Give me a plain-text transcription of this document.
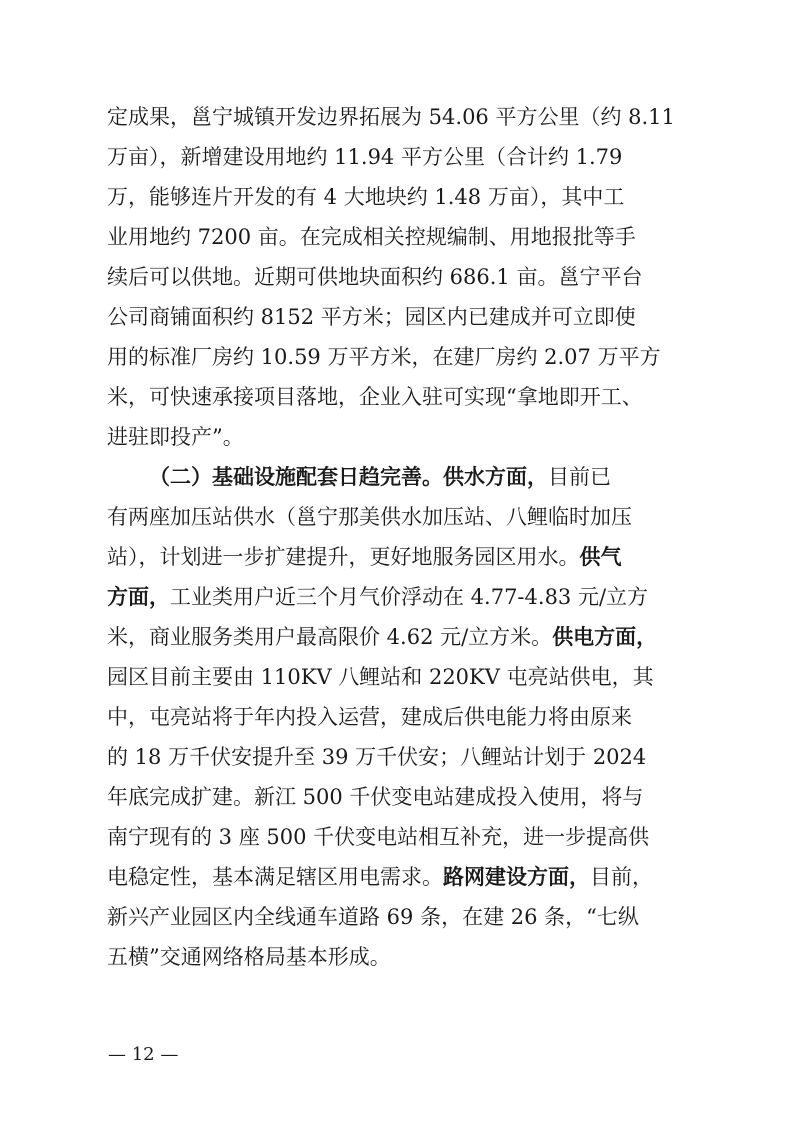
定成果，邕宁城镇开发边界拓展为 54.06 平方公里（约 8.11
万亩），新增建设用地约 11.94 平方公里（合计约 1.79
万，能够连片开发的有 4 大地块约 1.48 万亩），其中工
业用地约 7200 亩。在完成相关控规编制、用地报批等手
续后可以供地。近期可供地块面积约 686.1 亩。邕宁平台
公司商铺面积约 8152 平方米；园区内已建成并可立即使
用的标准厂房约 10.59 万平方米，在建厂房约 2.07 万平方
米，可快速承接项目落地，企业入驻可实现“拿地即开工、
进驻即投产”。
（二）基础设施配套日趋完善。供水方面，目前已
有两座加压站供水（邕宁那美供水加压站、八鲤临时加压
站），计划进一步扩建提升，更好地服务园区用水。供气
方面，工业类用户近三个月气价浮动在 4.77-4.83 元/立方
米，商业服务类用户最高限价 4.62 元/立方米。供电方面，
园区目前主要由 110KV 八鲤站和 220KV 屯亮站供电，其
中，屯亮站将于年内投入运营，建成后供电能力将由原来
的 18 万千伏安提升至 39 万千伏安；八鲤站计划于 2024
年底完成扩建。新江 500 千伏变电站建成投入使用，将与
南宁现有的 3 座 500 千伏变电站相互补充，进一步提高供
电稳定性，基本满足辖区用电需求。路网建设方面，目前，
新兴产业园区内全线通车道路 69 条，在建 26 条，“七纵
五横”交通网络格局基本形成。
— 12 —
